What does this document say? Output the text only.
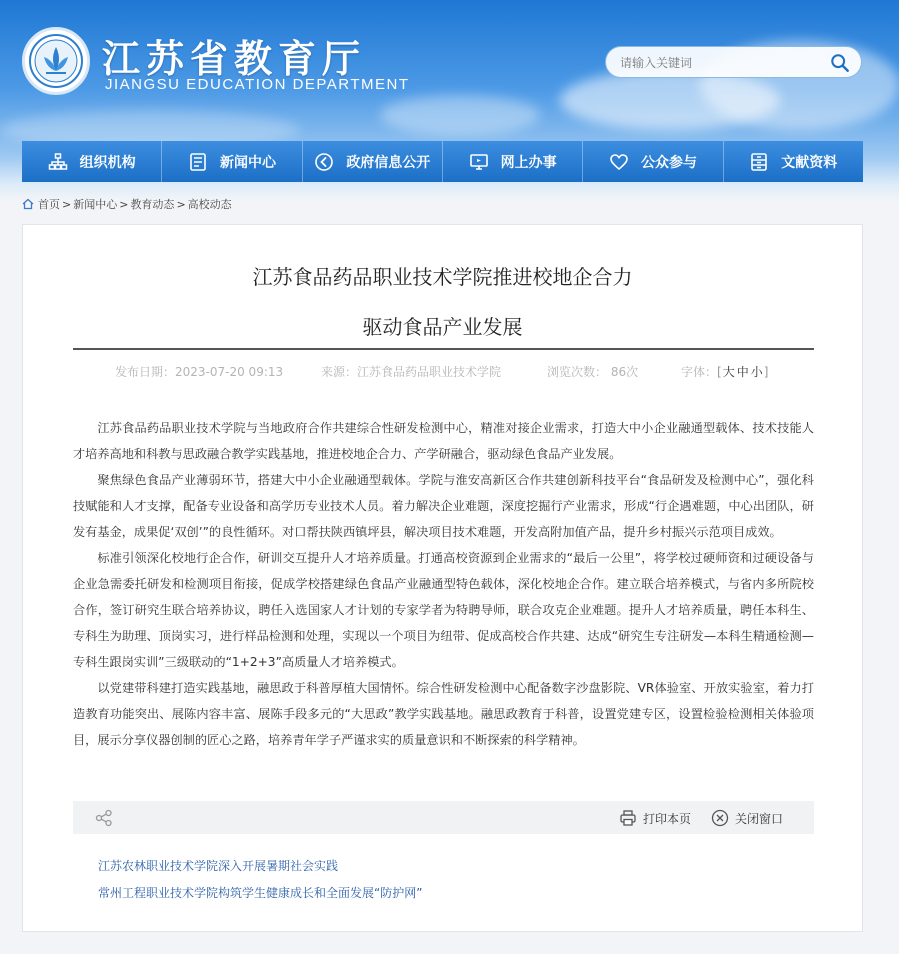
江苏省教育厅
JIANGSU EDUCATION DEPARTMENT
请输入关键词
组织机构	新闻中心	政府信息公开	网上办事	公众参与	文献资料
首页 > 新闻中心 > 教育动态 > 高校动态
江苏食品药品职业技术学院推进校地企合力
驱动食品产业发展
发布日期：2023-07-20 09:13	来源：江苏食品药品职业技术学院	浏览次数： 86次	字体：[大 中 小]

江苏食品药品职业技术学院与当地政府合作共建综合性研发检测中心，精准对接企业需求，打造大中小企业融通型载体、技术技能人才培养高地和科教与思政融合教学实践基地，推进校地企合力、产学研融合，驱动绿色食品产业发展。

聚焦绿色食品产业薄弱环节，搭建大中小企业融通型载体。学院与淮安高新区合作共建创新科技平台“食品研发及检测中心”，强化科技赋能和人才支撑，配备专业设备和高学历专业技术人员。着力解决企业难题，深度挖掘行产业需求，形成“行企遇难题，中心出团队，研发有基金，成果促‘双创’”的良性循环。对口帮扶陕西镇坪县，解决项目技术难题，开发高附加值产品，提升乡村振兴示范项目成效。

标准引领深化校地行企合作，研训交互提升人才培养质量。打通高校资源到企业需求的“最后一公里”，将学校过硬师资和过硬设备与企业急需委托研发和检测项目衔接，促成学校搭建绿色食品产业融通型特色载体，深化校地企合作。建立联合培养模式，与省内多所院校合作，签订研究生联合培养协议，聘任入选国家人才计划的专家学者为特聘导师，联合攻克企业难题。提升人才培养质量，聘任本科生、专科生为助理、顶岗实习，进行样品检测和处理，实现以一个项目为纽带、促成高校合作共建、达成“研究生专注研发—本科生精通检测—专科生跟岗实训”三级联动的“1+2+3”高质量人才培养模式。

以党建带科建打造实践基地，融思政于科普厚植大国情怀。综合性研发检测中心配备数字沙盘影院、VR体验室、开放实验室，着力打造教育功能突出、展陈内容丰富、展陈手段多元的“大思政”教学实践基地。融思政教育于科普，设置党建专区，设置检验检测相关体验项目，展示分享仪器创制的匠心之路，培养青年学子严谨求实的质量意识和不断探索的科学精神。

打印本页	关闭窗口
江苏农林职业技术学院深入开展暑期社会实践
常州工程职业技术学院构筑学生健康成长和全面发展“防护网”
